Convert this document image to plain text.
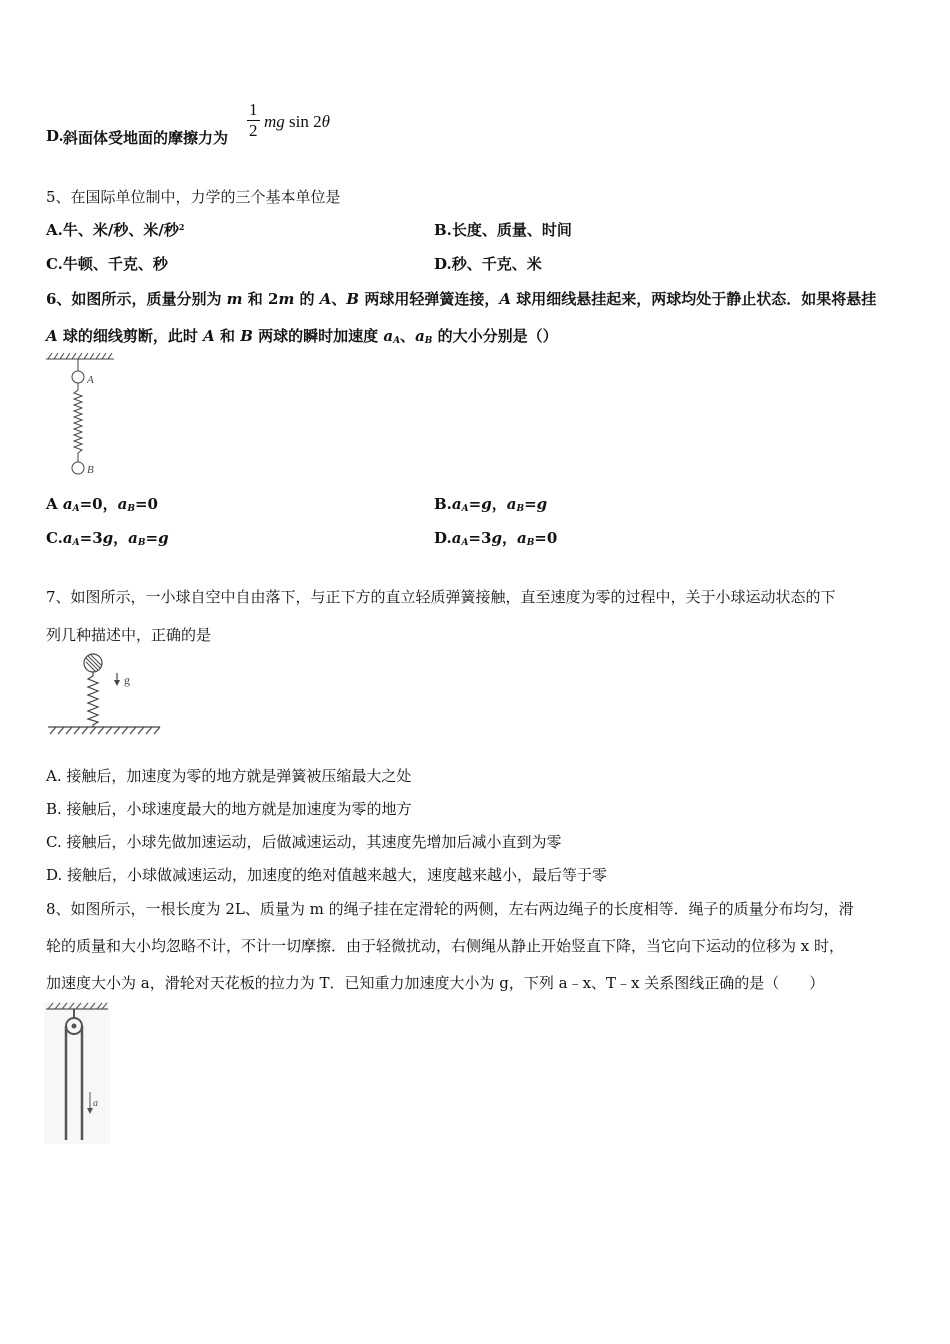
D. 斜面体受地面的摩擦力为 $\frac{1}{2}$ mg sin 2θ
5、在国际单位制中，力学的三个基本单位是
A.牛、米/秒、米/秒$^2$	B.长度、质量、时间
C.牛顿、千克、秒	D.秒、千克、米
6、如图所示，质量分别为 m 和 2m 的 A、B 两球用轻弹簧连接，A 球用细线悬挂起来，两球均处于静止状态．如果将悬挂
A 球的细线剪断，此时 A 和 B 两球的瞬时加速度 $a_A$、$a_B$ 的大小分别是（）
A
B
A $a_A=0$，$a_B=0$	$B.a_A=g$，$a_B=g$
$C.a_A=3g$，$a_B=g$	$D.a_A=3g$，$a_B=0$
7、如图所示，一小球自空中自由落下，与正下方的直立轻质弹簧接触，直至速度为零的过程中，关于小球运动状态的下
列几种描述中，正确的是
g
A. 接触后，加速度为零的地方就是弹簧被压缩最大之处
B. 接触后，小球速度最大的地方就是加速度为零的地方
C. 接触后，小球先做加速运动，后做减速运动，其速度先增加后减小直到为零
D. 接触后，小球做减速运动，加速度的绝对值越来越大，速度越来越小，最后等于零
8、如图所示，一根长度为 2L、质量为 m 的绳子挂在定滑轮的两侧，左右两边绳子的长度相等．绳子的质量分布均匀，滑
轮的质量和大小均忽略不计，不计一切摩擦．由于轻微扰动，右侧绳从静止开始竖直下降，当它向下运动的位移为 x 时，
加速度大小为 a，滑轮对天花板的拉力为 T．已知重力加速度大小为 g，下列 a﹣x、T﹣x 关系图线正确的是（　　）
a
